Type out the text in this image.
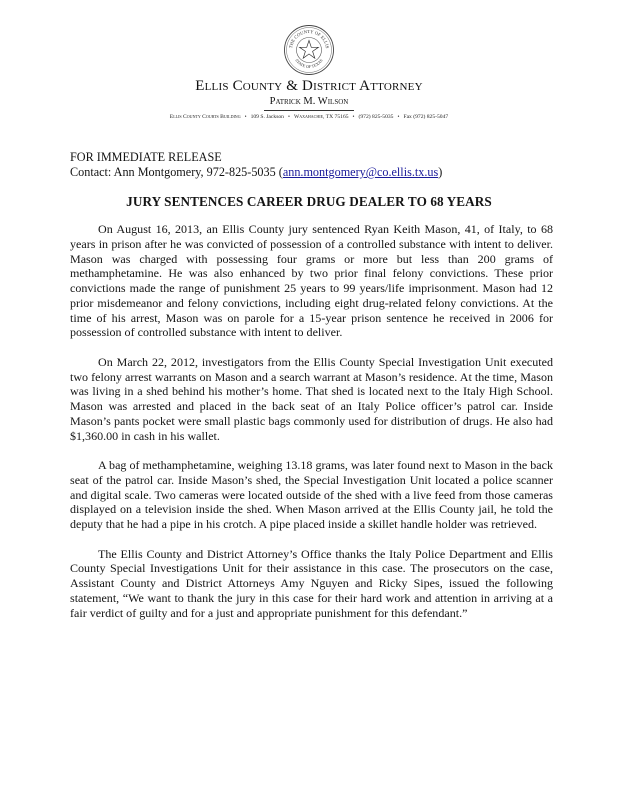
THE COUNTY OF ELLIS
STATE OF TEXAS
Ellis County & District Attorney
Patrick M. Wilson
Ellis County Courts Building • 109 S. Jackson • Waxahachie, TX 75165 • (972) 825-5035 • Fax (972) 825-5047
FOR IMMEDIATE RELEASE
Contact: Ann Montgomery, 972-825-5035 (ann.montgomery@co.ellis.tx.us)
JURY SENTENCES CAREER DRUG DEALER TO 68 YEARS

On August 16, 2013, an Ellis County jury sentenced Ryan Keith Mason, 41, of Italy, to 68 years in prison after he was convicted of possession of a controlled substance with intent to deliver. Mason was charged with possessing four grams or more but less than 200 grams of methamphetamine. He was also enhanced by two prior final felony convictions. These prior convictions made the range of punishment 25 years to 99 years/life imprisonment. Mason had 12 prior misdemeanor and felony convictions, including eight drug-related felony convictions. At the time of his arrest, Mason was on parole for a 15-year prison sentence he received in 2006 for possession of controlled substance with intent to deliver.

On March 22, 2012, investigators from the Ellis County Special Investigation Unit executed two felony arrest warrants on Mason and a search warrant at Mason’s residence. At the time, Mason was living in a shed behind his mother’s home. That shed is located next to the Italy High School. Mason was arrested and placed in the back seat of an Italy Police officer’s patrol car. Inside Mason’s pants pocket were small plastic bags commonly used for distribution of drugs. He also had $1,360.00 in cash in his wallet.

A bag of methamphetamine, weighing 13.18 grams, was later found next to Mason in the back seat of the patrol car. Inside Mason’s shed, the Special Investigation Unit located a police scanner and digital scale. Two cameras were located outside of the shed with a live feed from those cameras displayed on a television inside the shed. When Mason arrived at the Ellis County jail, he told the deputy that he had a pipe in his crotch. A pipe placed inside a skillet handle holder was retrieved.

The Ellis County and District Attorney’s Office thanks the Italy Police Department and Ellis County Special Investigations Unit for their assistance in this case. The prosecutors on the case, Assistant County and District Attorneys Amy Nguyen and Ricky Sipes, issued the following statement, “We want to thank the jury in this case for their hard work and attention in arriving at a fair verdict of guilty and for a just and appropriate punishment for this defendant.”
